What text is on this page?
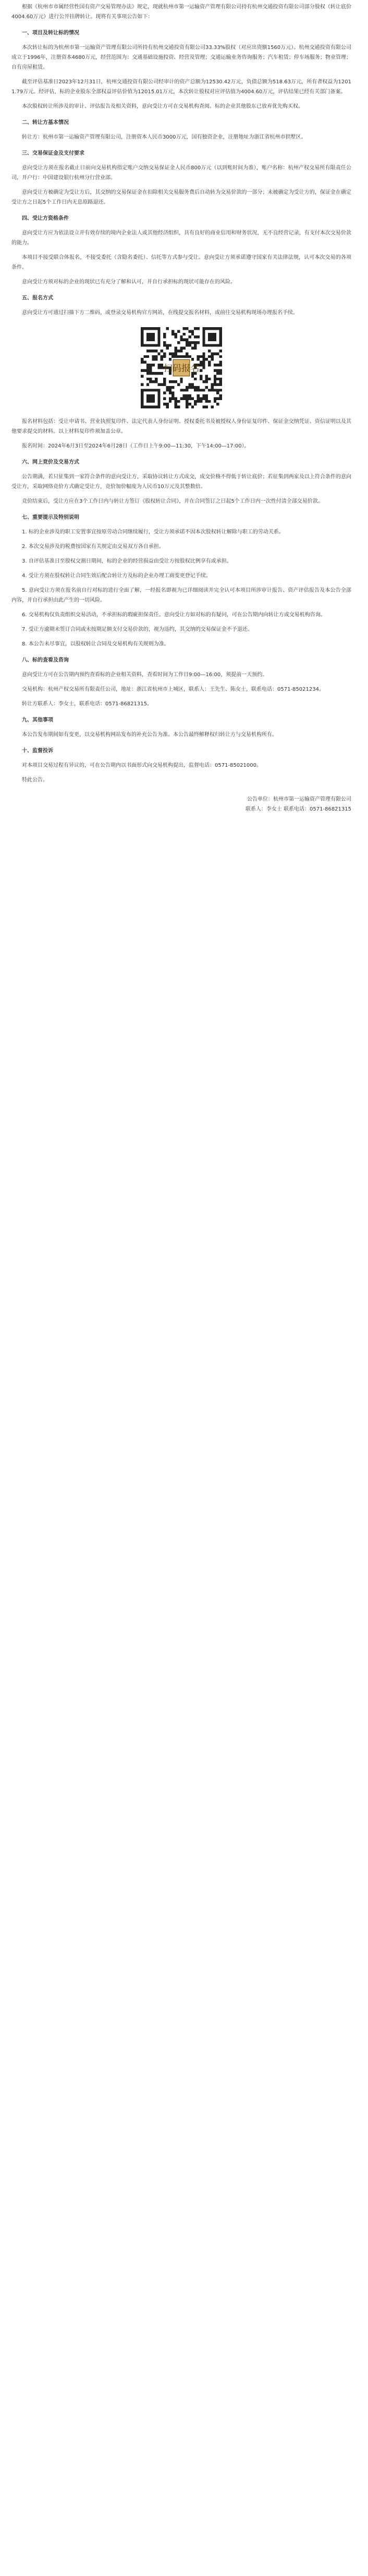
根据《杭州市市属经营性国有资产交易管理办法》规定，现就杭州市第一运输资产管理有限公司持有杭州交通投资有限公司部分股权（转让底价4004.60万元）进行公开挂牌转让。现将有关事项公告如下：

一、项目及转让标的情况

本次转让标的为杭州市第一运输资产管理有限公司所持有杭州交通投资有限公司33.33%股权（对应出资额1560万元）。杭州交通投资有限公司成立于1996年，注册资本4680万元，经营范围为：交通基础设施投资、经营及管理；交通运输业务咨询服务；汽车租赁；停车场服务；物业管理；自有房屋租赁。

截至评估基准日2023年12月31日，杭州交通投资有限公司经审计的资产总额为12530.42万元，负债总额为518.63万元，所有者权益为12011.79万元。经评估，标的企业股东全部权益评估价值为12015.01万元，本次转让股权对应评估值为4004.60万元，评估结果已经有关部门备案。

本次股权转让所涉及的审计、评估报告及相关资料，意向受让方可在交易机构查阅。标的企业其他股东已放弃优先购买权。

二、转让方基本情况

转让方：杭州市第一运输资产管理有限公司，注册资本人民币3000万元，国有独资企业，注册地址为浙江省杭州市拱墅区。

三、交易保证金及支付要求

意向受让方须在报名截止日前向交易机构指定账户交纳交易保证金人民币800万元（以到账时间为准），账户名称：杭州产权交易所有限责任公司，开户行：中国建设银行杭州分行营业部。

意向受让方被确定为受让方后，其交纳的交易保证金在扣除相关交易服务费后自动转为交易价款的一部分；未被确定为受让方的，保证金在确定受让方之日起5个工作日内无息原路退还。

四、受让方资格条件

意向受让方应为依法设立并有效存续的境内企业法人或其他经济组织，具有良好的商业信用和财务状况，无不良经营记录，有支付本次交易价款的能力。

本项目不接受联合体报名，不接受委托（含隐名委托）、信托等方式参与受让。意向受让方须承诺遵守国家有关法律法规，认可本次交易的各项条件。

意向受让方须对标的企业的现状已有充分了解和认可，并自行承担标的现状可能存在的风险。

五、报名方式

意向受让方可通过扫描下方二维码，或登录交易机构官方网站，在线提交报名材料，或前往交易机构现场办理报名手续。

扫码报名

报名材料包括：受让申请书、营业执照复印件、法定代表人身份证明、授权委托书及被授权人身份证复印件、保证金交纳凭证、资信证明以及其他要求提交的材料。以上材料复印件须加盖公章。

报名时间：2024年6月3日至2024年6月28日（工作日上午9:00—11:30，下午14:00—17:00）。

六、网上竞价及交易方式

公告期满，若只征集到一家符合条件的意向受让方，采取协议转让方式成交，成交价格不得低于转让底价；若征集到两家及以上符合条件的意向受让方，采取网络竞价方式确定受让方，竞价加价幅度为人民币10万元及其整数倍。

竞价结束后，受让方应在3个工作日内与转让方签订《股权转让合同》，并在合同签订之日起5个工作日内一次性付清全部交易价款。

七、重要提示及特别说明

1. 标的企业涉及的职工安置事宜按原劳动合同继续履行，受让方须承诺不因本次股权转让解除与职工的劳动关系。

2. 本次交易涉及的税费按国家有关规定由交易双方各自承担。

3. 自评估基准日至股权交割日期间，标的企业的经营损益由受让方按股权比例享有或承担。

4. 受让方须在股权转让合同生效后配合转让方及标的企业办理工商变更登记手续。

5. 意向受让方须在报名前自行对标的进行全面了解，一经报名即视为已详细阅读并完全认可本项目所涉审计报告、资产评估报告及本公告全部内容，并自行承担由此产生的一切风险。

6. 交易机构仅负责组织交易活动，不承担标的瑕疵担保责任。意向受让方如对标的有疑问，可在公告期内向转让方或交易机构咨询。

7. 受让方逾期未签订合同或未按期足额支付交易价款的，视为违约，其交纳的交易保证金不予退还。

8. 本公告未尽事宜，以股权转让合同及交易机构有关规则为准。

八、标的查看及咨询

意向受让方可在公告期内预约查看标的企业相关资料，查看时间为工作日9:00—16:00，须提前一天预约。

交易机构：杭州产权交易所有限责任公司，地址：浙江省杭州市上城区，联系人：王先生、陈女士，联系电话：0571-85021234。

转让方联系人：李女士，联系电话：0571-86821315。

九、其他事项

本公告发布期间如有变更，以交易机构网站发布的补充公告为准。本公告最终解释权归转让方与交易机构所有。

十、监督投诉

对本项目交易过程有异议的，可在公告期内以书面形式向交易机构提出，监督电话：0571-85021000。

特此公告。

公告单位：杭州市第一运输资产管理有限公司

联系人：李女士 联系电话：0571-86821315
